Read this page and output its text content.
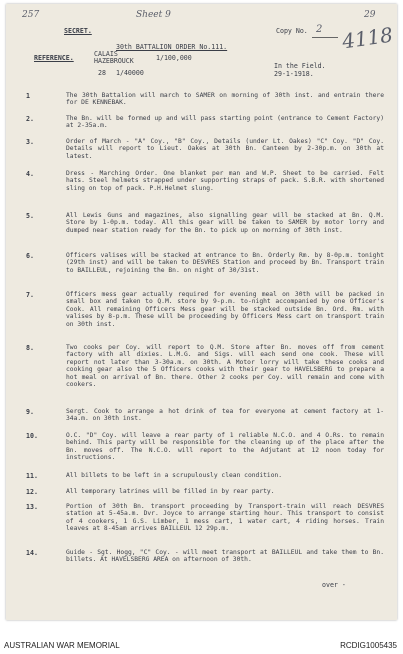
257	Sheet 9	29
4118
SECRET.	Copy No. 2
30th BATTALION ORDER No.111.
REFERENCE.	CALAIS
HAZEBROUCK	1/100,000
28 1/40000
In the Field.
29-1-1918.
1	The 30th Battalion will march to SAMER on morning of 30th inst. and entrain there for DE KENNEBAK.
2.	The Bn. will be formed up and will pass starting point (entrance to Cement Factory) at 2-35a.m.
3.	Order of March - "A" Coy., "B" Coy., Details (under Lt. Oakes) "C" Coy. "D" Coy. Details will report to Lieut. Oakes at 30th Bn. Canteen by 2-30p.m. on 30th at latest.
4.	Dress - Marching Order. One blanket per man and W.P. Sheet to be carried. Felt hats. Steel helmets strapped under supporting straps of pack. S.B.R. with shortened sling on top of pack. P.H.Helmet slung.
5.	All Lewis Guns and magazines, also signalling gear will be stacked at Bn. Q.M. Store by 1-0p.m. today. All this gear will be taken to SAMER by motor lorry and dumped near station ready for the Bn. to pick up on morning of 30th inst.
6.	Officers valises will be stacked at entrance to Bn. Orderly Rm. by 8-0p.m. tonight (29th inst) and will be taken to DESVRES Station and proceed by Bn. Transport train to BAILLEUL, rejoining the Bn. on night of 30/31st.
7.	Officers mess gear actually required for evening meal on 30th will be packed in small box and taken to Q.M. store by 9-p.m. to-night accompanied by one Officer's Cook. All remaining Officers Mess gear will be stacked outside Bn. Ord. Rm. with valises by 8-p.m. These will be proceeding by Officers Mess cart on transport train on 30th inst.
8.	Two cooks per Coy. will report to Q.M. Store after Bn. moves off from cement factory with all dixies. L.M.G. and Sigs. will each send one cook. These will report not later than 3-30a.m. on 30th. A Motor lorry will take these cooks and cooking gear also the 5 Officers cooks with their gear to HAVELSBERG to prepare a hot meal on arrival of Bn. there. Other 2 cooks per Coy. will remain and come with cookers.
9.	Sergt. Cook to arrange a hot drink of tea for everyone at cement factory at 1-34a.m. on 30th inst.
10.	O.C. "D" Coy. will leave a rear party of 1 reliable N.C.O. and 4 O.Rs. to remain behind. This party will be responsible for the cleaning up of the place after the Bn. moves off. The N.C.O. will report to the Adjutant at 12 noon today for instructions.
11.	All billets to be left in a scrupulously clean condition.
12.	All temporary latrines will be filled in by rear party.
13.	Portion of 30th Bn. transport proceeding by Transport-train will reach DESVRES station at 5-45a.m. Dvr. Joyce to arrange starting hour. This transport to consist of 4 cookers, 1 G.S. Limber, 1 mess cart, 1 water cart, 4 riding horses. Train leaves at 8-45am arrives BAILLEUL 12 29p.m.
14.	Guide - Sgt. Hogg, "C" Coy. - will meet transport at BAILLEUL and take them to Bn. billets. At HAVELSBERG AREA on afternoon of 30th.
over -
AUSTRALIAN WAR MEMORIAL	RCDIG1005435
